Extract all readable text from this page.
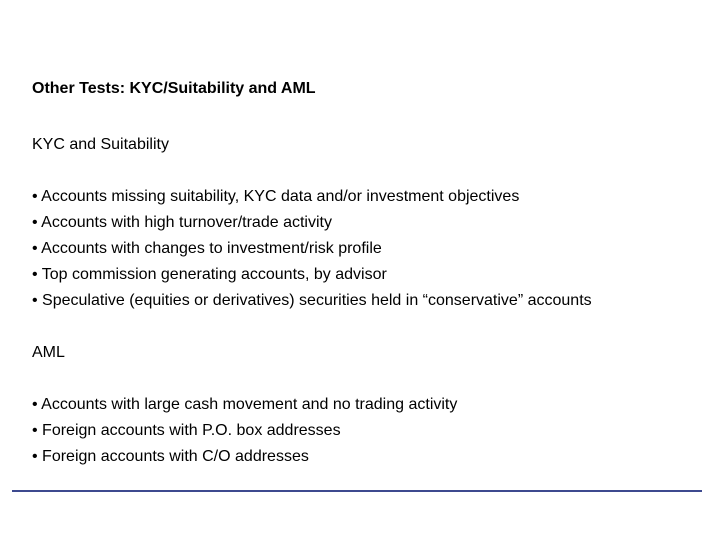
Other Tests: KYC/Suitability and AML
KYC and Suitability
• Accounts missing suitability, KYC data and/or investment objectives
• Accounts with high turnover/trade activity
• Accounts with changes to investment/risk profile
• Top commission generating accounts, by advisor
• Speculative (equities or derivatives) securities held in “conservative” accounts
AML
• Accounts with large cash movement and no trading activity
• Foreign accounts with P.O. box addresses
• Foreign accounts with C/O addresses
